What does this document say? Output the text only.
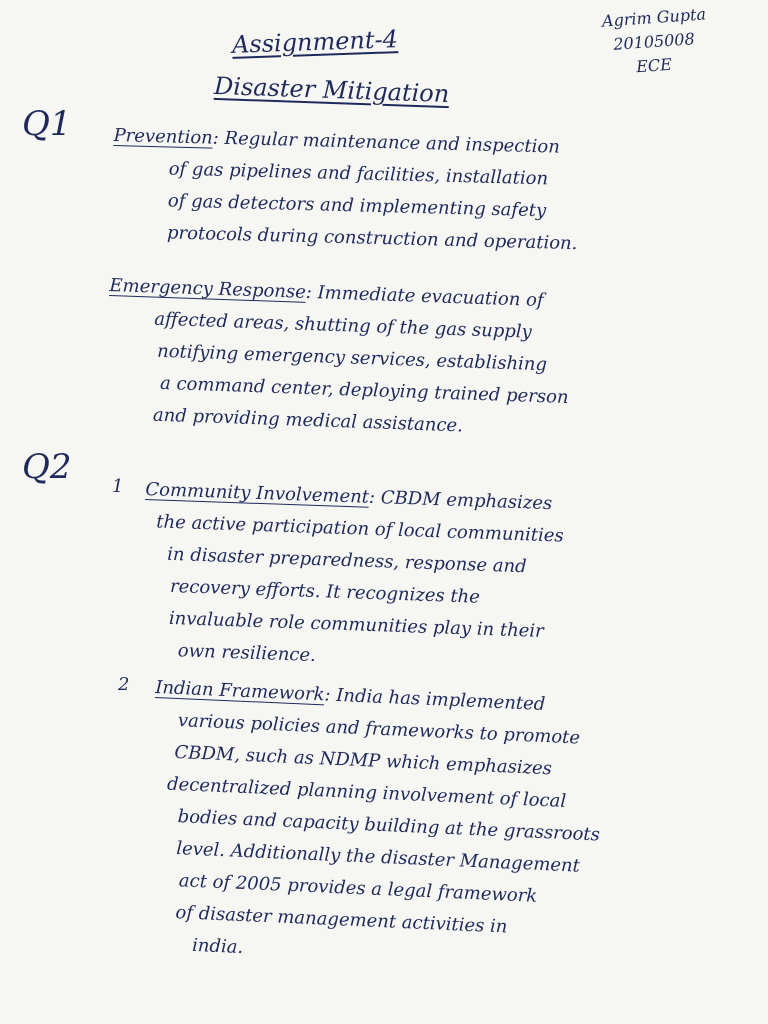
Assignment-4
Disaster Mitigation
Agrim Gupta
20105008
ECE
Q1 Prevention: Regular maintenance and inspection
of gas pipelines and facilities, installation
of gas detectors and implementing safety
protocols during construction and operation.
Emergency Response: Immediate evacuation of
affected areas, shutting of the gas supply
notifying emergency services, establishing
a command center, deploying trained person
and providing medical assistance.
Q2 1 Community Involvement: CBDM emphasizes
the active participation of local communities
in disaster preparedness, response and
recovery efforts. It recognizes the
invaluable role communities play in their
own resilience.
2 Indian Framework: India has implemented
various policies and frameworks to promote
CBDM, such as NDMP which emphasizes
decentralized planning involvement of local
bodies and capacity building at the grassroots
level. Additionally the disaster Management
act of 2005 provides a legal framework
of disaster management activities in
india.
